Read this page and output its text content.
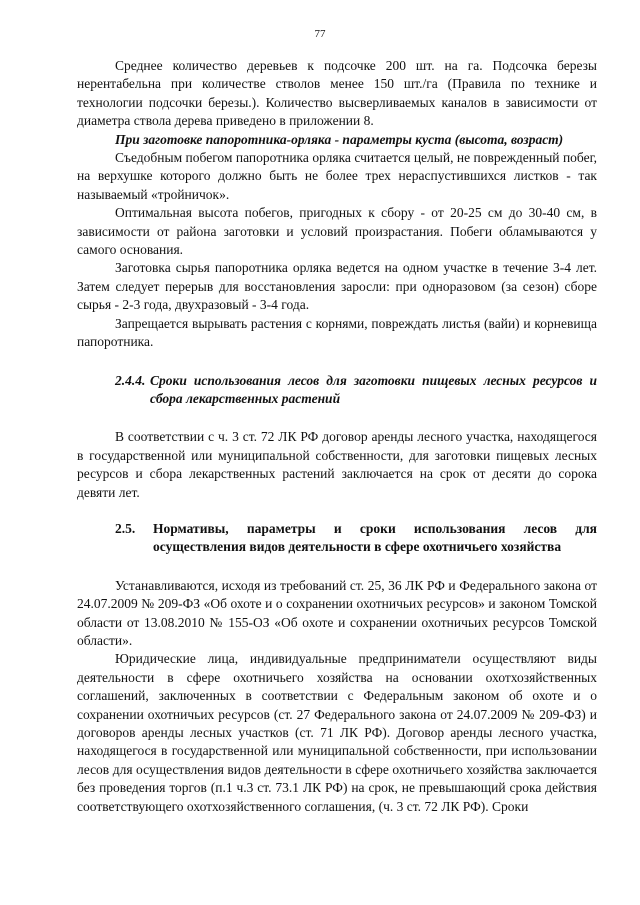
77

Среднее количество деревьев к подсочке 200 шт. на га. Подсочка березы нерентабельна при количестве стволов менее 150 шт./га (Правила по технике и технологии подсочки березы.). Количество высверливаемых каналов в зависимости от диаметра ствола дерева приведено в приложении 8.

При заготовке папоротника-орляка - параметры куста (высота, возраст)

Съедобным побегом папоротника орляка считается целый, не поврежденный побег, на верхушке которого должно быть не более трех нераспустившихся листков - так называемый «тройничок».

Оптимальная высота побегов, пригодных к сбору - от 20-25 см до 30-40 см, в зависимости от района заготовки и условий произрастания. Побеги обламываются у самого основания.

Заготовка сырья папоротника орляка ведется на одном участке в течение 3-4 лет. Затем следует перерыв для восстановления заросли: при одноразовом (за сезон) сборе сырья - 2-3 года, двухразовый - 3-4 года.

Запрещается вырывать растения с корнями, повреждать листья (вайи) и корневища папоротника.

2.4.4. Сроки использования лесов для заготовки пищевых лесных ресурсов и сбора лекарственных растений

В соответствии с ч. 3 ст. 72 ЛК РФ договор аренды лесного участка, находящегося в государственной или муниципальной собственности, для заготовки пищевых лесных ресурсов и сбора лекарственных растений заключается на срок от десяти до сорока девяти лет.

2.5.	Нормативы, параметры и сроки использования лесов для осуществления видов деятельности в сфере охотничьего хозяйства

Устанавливаются, исходя из требований ст. 25, 36 ЛК РФ и Федерального закона от 24.07.2009 № 209-ФЗ «Об охоте и о сохранении охотничьих ресурсов» и законом Томской области от 13.08.2010 № 155-ОЗ «Об охоте и сохранении охотничьих ресурсов Томской области».

Юридические лица, индивидуальные предприниматели осуществляют виды деятельности в сфере охотничьего хозяйства на основании охотхозяйственных соглашений, заключенных в соответствии с Федеральным законом об охоте и о сохранении охотничьих ресурсов (ст. 27 Федерального закона от 24.07.2009 № 209-ФЗ) и договоров аренды лесных участков (ст. 71 ЛК РФ). Договор аренды лесного участка, находящегося в государственной или муниципальной собственности, при использовании лесов для осуществления видов деятельности в сфере охотничьего хозяйства заключается без проведения торгов (п.1 ч.3 ст. 73.1 ЛК РФ) на срок, не превышающий срока действия соответствующего охотхозяйственного соглашения, (ч. 3 ст. 72 ЛК РФ). Сроки
